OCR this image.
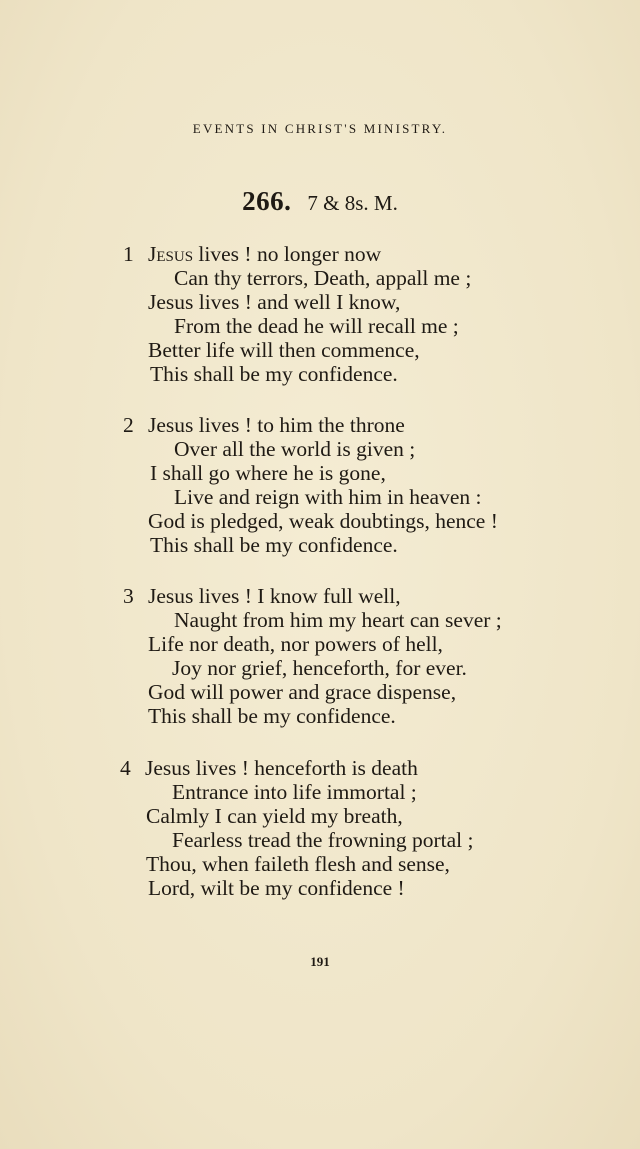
EVENTS IN CHRIST'S MINISTRY.
266. 7 & 8s. M.
1 Jesus lives ! no longer now
Can thy terrors, Death, appall me ;
Jesus lives ! and well I know,
From the dead he will recall me ;
Better life will then commence,
This shall be my confidence.
2 Jesus lives ! to him the throne
Over all the world is given ;
I shall go where he is gone,
Live and reign with him in heaven :
God is pledged, weak doubtings, hence !
This shall be my confidence.
3 Jesus lives ! I know full well,
Naught from him my heart can sever ;
Life nor death, nor powers of hell,
Joy nor grief, henceforth, for ever.
God will power and grace dispense,
This shall be my confidence.
4 Jesus lives ! henceforth is death
Entrance into life immortal ;
Calmly I can yield my breath,
Fearless tread the frowning portal ;
Thou, when faileth flesh and sense,
Lord, wilt be my confidence !
191
